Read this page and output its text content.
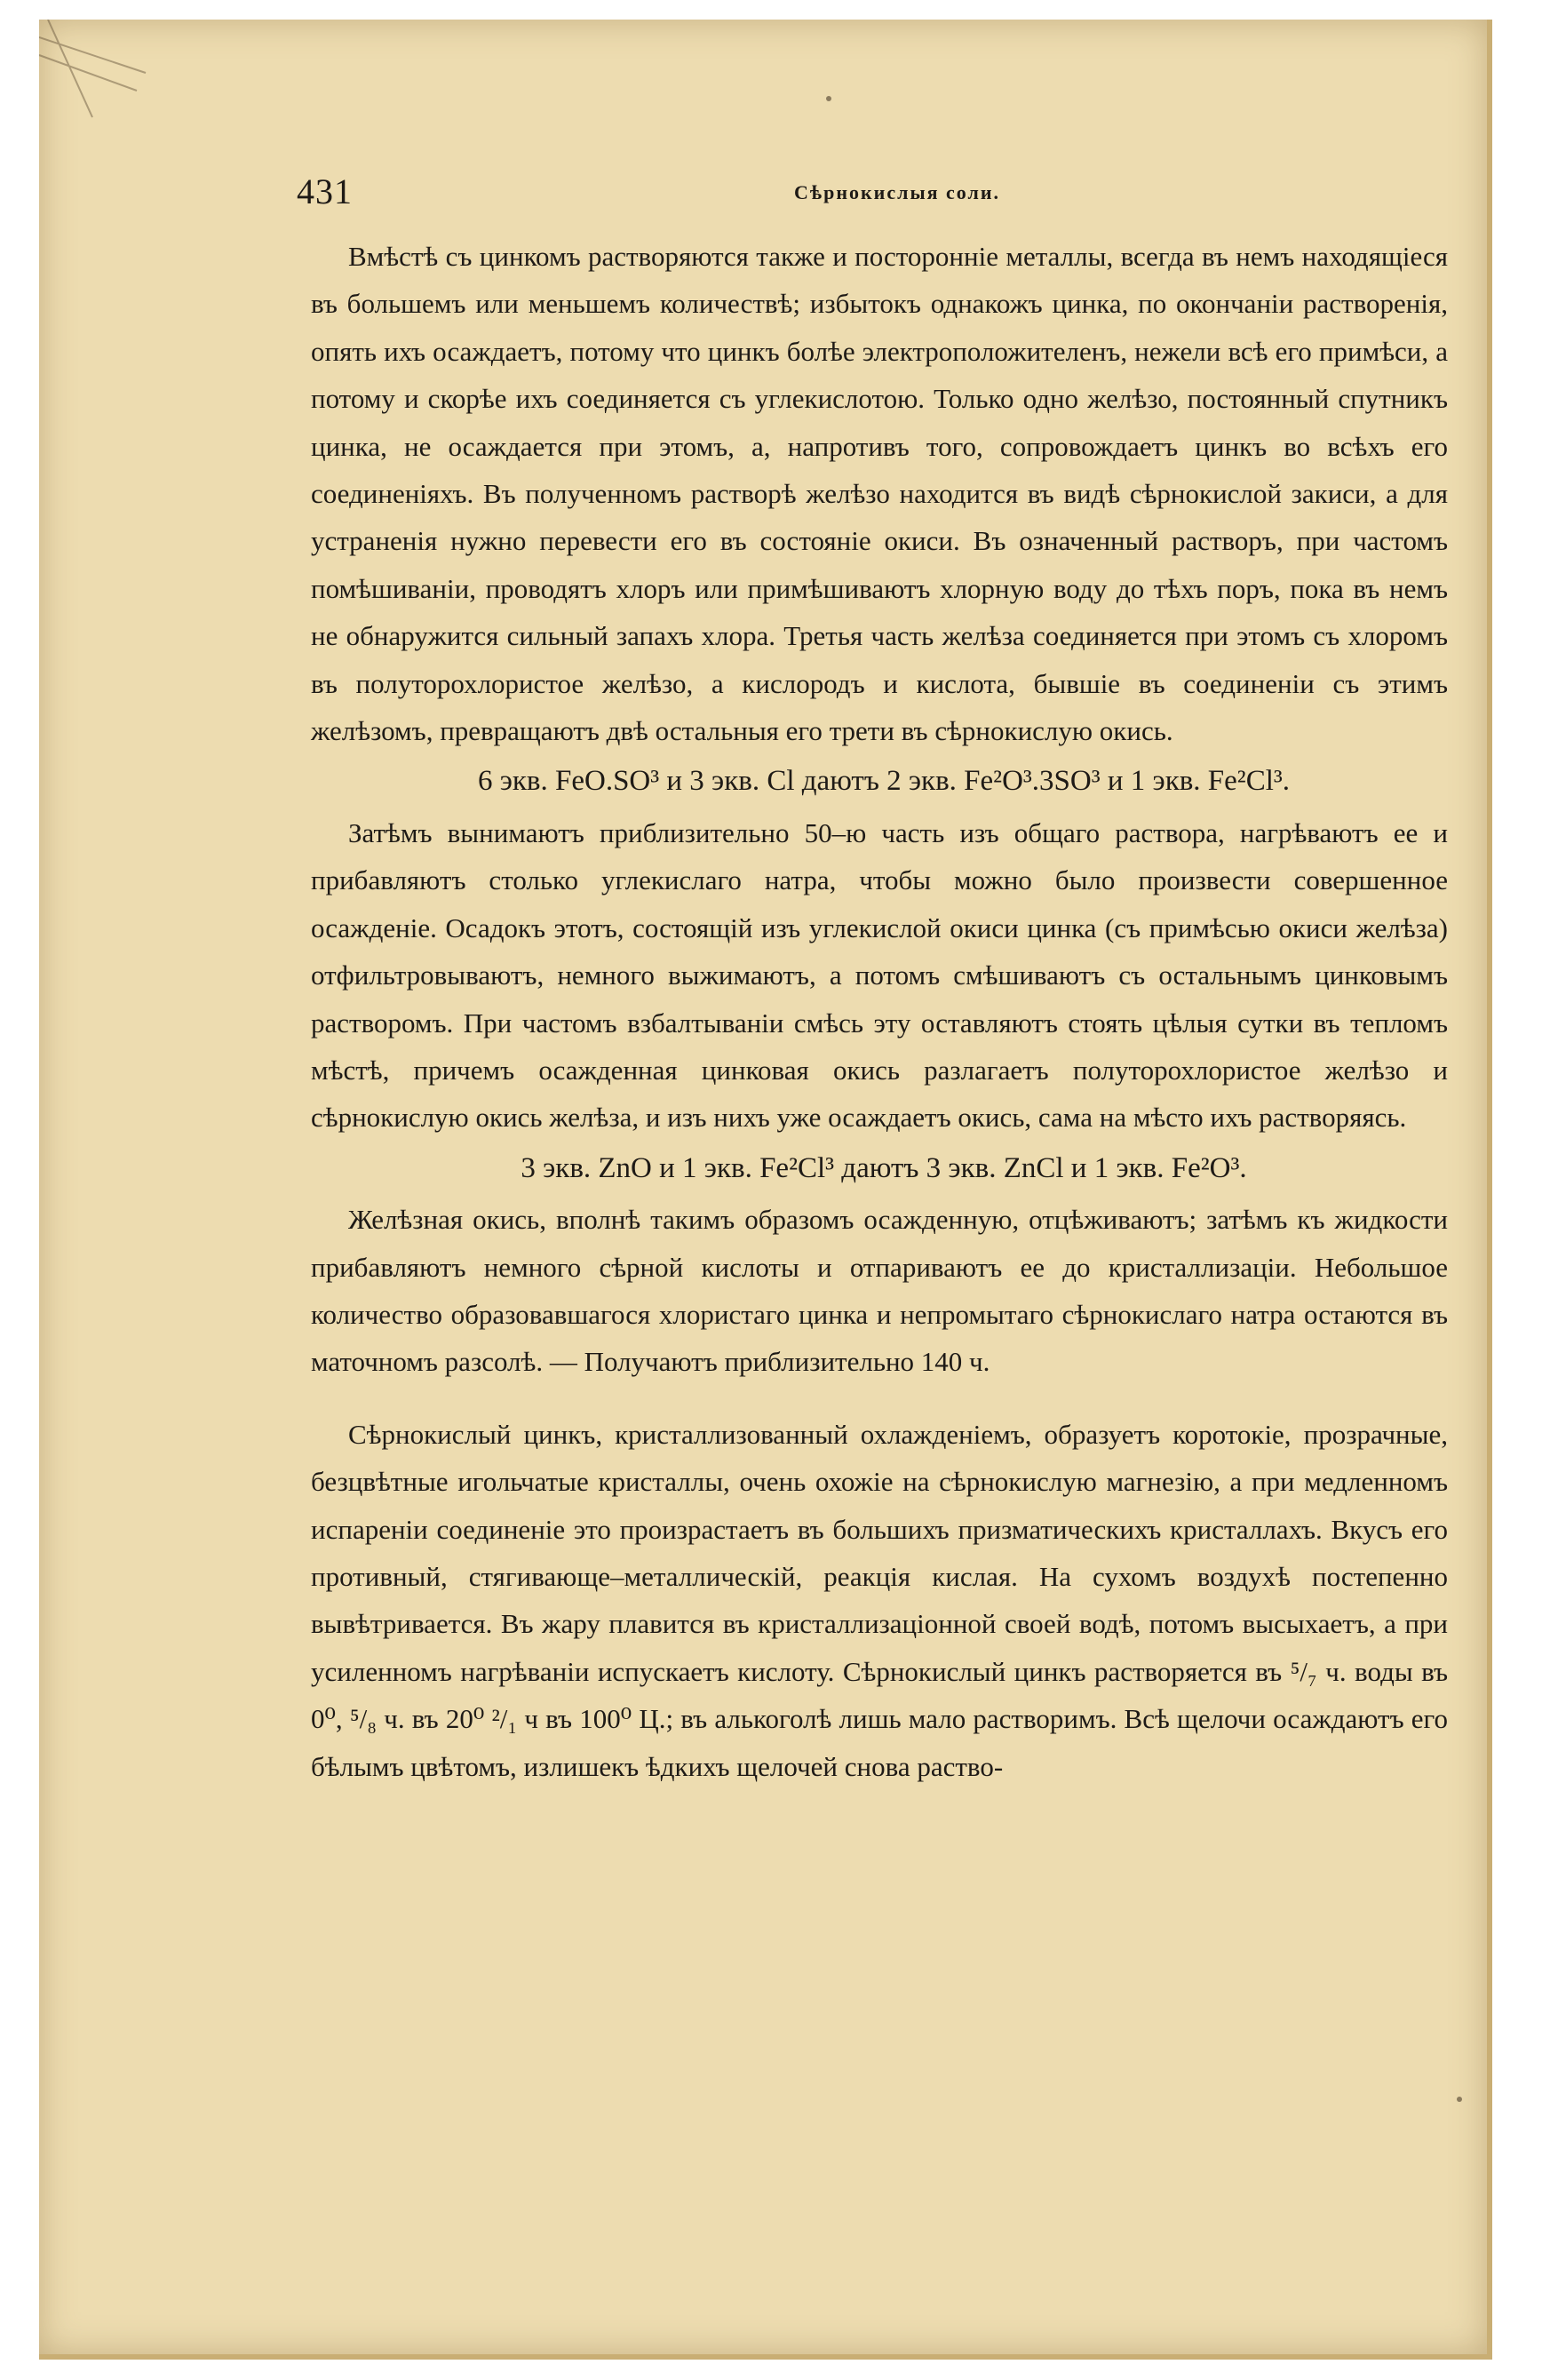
431	Сѣрнокислыя соли.

Вмѣстѣ съ цинкомъ растворяются также и посторонніе металлы, всегда въ немъ находящіеся въ большемъ или меньшемъ количествѣ; избытокъ однакожъ цинка, по окончаніи растворенія, опять ихъ осаждаетъ, потому что цинкъ болѣе электроположителенъ, нежели всѣ его примѣси, а потому и скорѣе ихъ соединяется съ углекислотою. Только одно желѣзо, постоянный спутникъ цинка, не осаждается при этомъ, а, напротивъ того, сопровождаетъ цинкъ во всѣхъ его соединеніяхъ. Въ полученномъ растворѣ желѣзо находится въ видѣ сѣрнокислой закиси, а для устраненія нужно перевести его въ состояніе окиси. Въ означенный растворъ, при частомъ помѣшиваніи, проводятъ хлоръ или примѣшиваютъ хлорную воду до тѣхъ поръ, пока въ немъ не обнаружится сильный запахъ хлора. Третья часть желѣза соединяется при этомъ съ хлоромъ въ полуторохлористое желѣзо, а кислородъ и кислота, бывшіе въ соединеніи съ этимъ желѣзомъ, превращаютъ двѣ остальныя его трети въ сѣрнокислую окись.

6 экв. FeO.SO³ и 3 экв. Cl даютъ 2 экв. Fe²O³.3SO³ и 1 экв. Fe²Cl³.

Затѣмъ вынимаютъ приблизительно 50–ю часть изъ общаго раствора, нагрѣваютъ ее и прибавляютъ столько углекислаго натра, чтобы можно было произвести совершенное осажденіе. Осадокъ этотъ, состоящій изъ углекислой окиси цинка (съ примѣсью окиси желѣза) отфильтровываютъ, немного выжимаютъ, а потомъ смѣшиваютъ съ остальнымъ цинковымъ растворомъ. При частомъ взбалтываніи смѣсь эту оставляютъ стоять цѣлыя сутки въ тепломъ мѣстѣ, причемъ осажденная цинковая окись разлагаетъ полуторохлористое желѣзо и сѣрнокислую окись желѣза, и изъ нихъ уже осаждаетъ окись, сама на мѣсто ихъ растворяясь.

3 экв. ZnO и 1 экв. Fe²Cl³ даютъ 3 экв. ZnCl и 1 экв. Fe²O³.

Желѣзная окись, вполнѣ такимъ образомъ осажденную, отцѣживаютъ; затѣмъ къ жидкости прибавляютъ немного сѣрной кислоты и отпариваютъ ее до кристаллизаціи. Небольшое количество образовавшагося хлористаго цинка и непромытаго сѣрнокислаго натра остаются въ маточномъ разсолѣ. — Получаютъ приблизительно 140 ч.

Сѣрнокислый цинкъ, кристаллизованный охлажденіемъ, образуетъ коротокіе, прозрачные, безцвѣтные игольчатые кристаллы, очень охожіе на сѣрнокислую магнезію, а при медленномъ испареніи соединеніе это произрастаетъ въ большихъ призматическихъ кристаллахъ. Вкусъ его противный, стягивающе–металлическій, реакція кислая. На сухомъ воздухѣ постепенно вывѣтривается. Въ жару плавится въ кристаллизаціонной своей водѣ, потомъ высыхаетъ, а при усиленномъ нагрѣваніи испускаетъ кислоту. Сѣрнокислый цинкъ растворяется въ ⁵/₇ ч. воды въ 0⁰, ⁵/₈ ч. въ 20⁰ ²/₁ ч въ 100⁰ Ц.; въ алькоголѣ лишь мало растворимъ. Всѣ щелочи осаждаютъ его бѣлымъ цвѣтомъ, излишекъ ѣдкихъ щелочей снова раство-
